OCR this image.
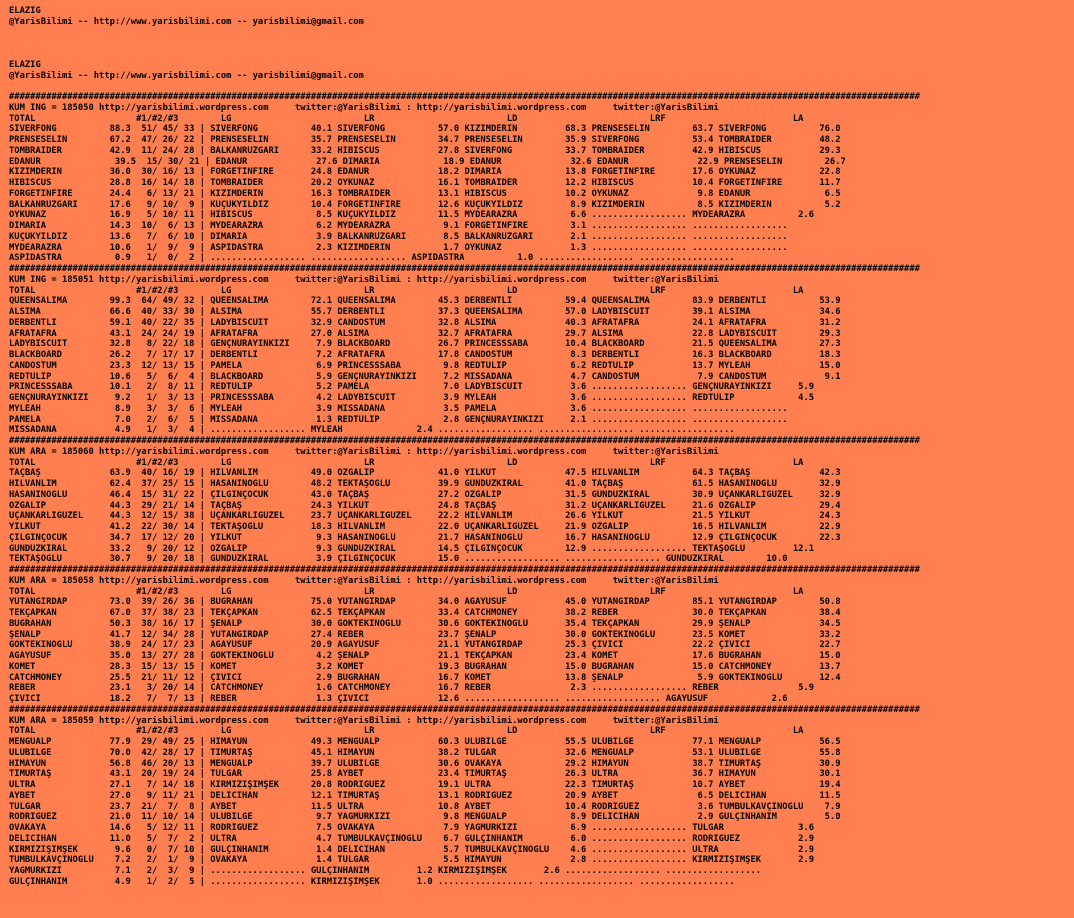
ELAZIG
@YarisBilimi -- http://www.yarisbilimi.com -- yarisbilimi@gmail.com

ELAZIG
@YarisBilimi -- http://www.yarisbilimi.com -- yarisbilimi@gmail.com

############################################################################################################################################################################
KUM ING = 185050 http://yarisbilimi.wordpress.com     twitter:@YarisBilimi : http://yarisbilimi.wordpress.com     twitter:@YarisBilimi
TOTAL                   #1/#2/#3        LG                         LR                         LD                         LRF                        LA
SİVERFONG          88.3  51/ 45/ 33 | SİVERFONG          40.1 SİVERFONG          57.0 KIZIMDERİN         68.3 PRENSESELİN        63.7 SİVERFONG          76.0
PRENSESELİN        67.2  47/ 26/ 22 | PRENSESELİN        35.7 PRENSESELİN        34.7 PRENSESELİN        35.9 SİVERFONG          53.4 TOMBRAİDER         48.2
TOMBRAİDER         42.9  11/ 24/ 28 | BALKANRÜZGARI      33.2 HİBİSCUS           27.8 SİVERFONG          33.7 TOMBRAİDER         42.9 HİBİSCUS           29.3
EDANUR              39.5  15/ 30/ 21 | EDANUR             27.6 DİMARİA            18.9 EDANUR             32.6 EDANUR             22.9 PRENSESELİN        26.7
KIZIMDERİN         36.0  30/ 16/ 13 | FORGETINFIRE       24.8 EDANUR             18.2 DİMARİA            13.8 FORGETINFIRE       17.6 ÖYKÜNAZ            22.8
HİBİSCUS           28.8  16/ 14/ 18 | TOMBRAİDER         20.2 ÖYKÜNAZ            16.1 TOMBRAİDER         12.2 HİBİSCUS           10.4 FORGETINFIRE       11.7
FORGETINFIRE       24.4   6/ 13/ 21 | KIZIMDERİN         16.3 TOMBRAİDER         13.1 HİBİSCUS           10.2 ÖYKÜNAZ             9.8 EDANUR              6.5
BALKANRÜZGARI      17.6   9/ 10/  9 | KÜÇÜKYILDIZ        10.4 FORGETINFIRE       12.6 KÜÇÜKYILDIZ         8.9 KIZIMDERİN          8.5 KIZIMDERİN          5.2
ÖYKÜNAZ            16.9   5/ 10/ 11 | HİBİSCUS            8.5 KÜÇÜKYILDIZ        11.5 MYDEARAZRA          6.6 .................. MYDEARAZRA          2.6
DİMARİA            14.3  10/  6/ 13 | MYDEARAZRA          6.2 MYDEARAZRA          9.1 FORGETINFIRE        3.1 .................. ..................
KÜÇÜKYILDIZ        13.6   7/  6/ 10 | DİMARİA             3.9 BALKANRÜZGARI       8.5 BALKANRÜZGARI       2.1 .................. ..................
MYDEARAZRA         10.6   1/  9/  9 | ASPİDASTRA          2.3 KIZIMDERİN          1.7 ÖYKÜNAZ             1.3 .................. ..................
ASPİDASTRA          0.9   1/  0/  2 | .................. .................. ASPİDASTRA          1.0 .................. ..................
############################################################################################################################################################################
KUM ING = 185051 http://yarisbilimi.wordpress.com     twitter:@YarisBilimi : http://yarisbilimi.wordpress.com     twitter:@YarisBilimi
TOTAL                   #1/#2/#3        LG                         LR                         LD                         LRF                        LA
QUEENSALİMA        99.3  64/ 49/ 32 | QUEENSALİMA        72.1 QUEENSALİMA        45.3 DERBENTLİ          59.4 QUEENSALİMA        83.9 DERBENTLİ          53.9
ALSİMA             66.6  40/ 33/ 30 | ALSİMA             55.7 DERBENTLİ          37.3 QUEENSALİMA        57.0 LADYBISCUIT        39.1 ALSİMA             34.6
DERBENTLİ          59.1  40/ 22/ 35 | LADYBISCUIT        32.9 CANDOSTUM          32.8 ALSİMA             40.3 AFRATAFRA          24.1 AFRATAFRA          31.2
AFRATAFRA          43.1  24/ 24/ 19 | AFRATAFRA          27.0 ALSİMA             32.7 AFRATAFRA          29.7 ALSİMA             22.8 LADYBISCUIT        29.3
LADYBISCUIT        32.8   8/ 22/ 18 | GENÇNURAYINKIZI     7.9 BLACKBOARD         26.7 PRINCESSSABA       10.4 BLACKBOARD         21.5 QUEENSALİMA        27.3
BLACKBOARD         26.2   7/ 17/ 17 | DERBENTLİ           7.2 AFRATAFRA          17.8 CANDOSTUM           8.3 DERBENTLİ          16.3 BLACKBOARD         18.3
CANDOSTUM          23.3  12/ 13/ 15 | PAMELA              6.9 PRINCESSSABA        9.8 REDTULİP            6.2 REDTULİP           13.7 MYLEAH             15.0
REDTULİP           10.6   5/  6/  4 | BLACKBOARD          5.9 GENÇNURAYINKIZI     7.2 MISSADANA           4.7 CANDOSTUM           7.9 CANDOSTUM           9.1
PRINCESSSABA       10.1   2/  8/ 11 | REDTULİP            5.2 PAMELA              7.0 LADYBISCUIT         3.6 .................. GENÇNURAYINKIZI     5.9
GENÇNURAYINKIZI     9.2   1/  3/ 13 | PRINCESSSABA        4.2 LADYBISCUIT         3.9 MYLEAH              3.6 .................. REDTULİP            4.5
MYLEAH              8.9   3/  3/  6 | MYLEAH              3.9 MISSADANA           3.5 PAMELA              3.6 .................. ..................
PAMELA              7.0   2/  6/  5 | MISSADANA           1.3 REDTULİP            2.8 GENÇNURAYINKIZI     2.1 .................. ..................
MISSADANA           4.9   1/  3/  4 | .................. MYLEAH              2.4 .................. .................. ..................
############################################################################################################################################################################
KUM ARA = 185060 http://yarisbilimi.wordpress.com     twitter:@YarisBilimi : http://yarisbilimi.wordpress.com     twitter:@YarisBilimi
TOTAL                   #1/#2/#3        LG                         LR                         LD                         LRF                        LA
TAÇBAŞ             63.9  40/ 16/ 19 | HİLVANLIM          49.0 ÖZGALİP            41.0 YILKUT             47.5 HİLVANLIM          64.3 TAÇBAŞ             42.3
HİLVANLIM          62.4  37/ 25/ 15 | HASANİNOĞLU        48.2 TEKTAŞOĞLU         39.9 GÜNDÜZKIRAL        41.0 TAÇBAŞ             61.5 HASANİNOĞLU        32.9
HASANİNOĞLU        46.4  15/ 31/ 22 | ÇILGINÇOCUK        43.0 TAÇBAŞ             27.2 ÖZGALİP            31.5 GÜNDÜZKIRAL        30.9 UÇANKARLIGÜZEL     32.9
ÖZGALİP            44.3  29/ 21/ 14 | TAÇBAŞ             24.3 YILKUT             24.8 TAÇBAŞ             31.2 UÇANKARLIGÜZEL     21.6 ÖZGALİP            29.4
UÇANKARLIGÜZEL     44.3  12/ 15/ 38 | UÇANKARLIGÜZEL     23.7 UÇANKARLIGÜZEL     22.2 HİLVANLIM          26.6 YILKUT             21.5 YILKUT             24.3
YILKUT             41.2  22/ 30/ 14 | TEKTAŞOĞLU         18.3 HİLVANLIM          22.0 UÇANKARLIGÜZEL     21.9 ÖZGALİP            16.5 HİLVANLIM          22.9
ÇILGINÇOCUK        34.7  17/ 12/ 20 | YILKUT              9.3 HASANİNOĞLU        21.7 HASANİNOĞLU        16.7 HASANİNOĞLU        12.9 ÇILGINÇOCUK        22.3
GÜNDÜZKIRAL        33.2   9/ 20/ 12 | ÖZGALİP             9.3 GÜNDÜZKIRAL        14.5 ÇILGINÇOCUK        12.9 .................. TEKTAŞOĞLU         12.1
TEKTAŞOĞLU         30.7   9/ 20/ 18 | GÜNDÜZKIRAL         3.9 ÇILGINÇOCUK        15.0 .................. .................. GÜNDÜZKIRAL        10.0
############################################################################################################################################################################
KUM ARA = 185058 http://yarisbilimi.wordpress.com     twitter:@YarisBilimi : http://yarisbilimi.wordpress.com     twitter:@YarisBilimi
TOTAL                   #1/#2/#3        LG                         LR                         LD                         LRF                        LA
YUTANGİRDAP        73.0  39/ 26/ 36 | BUĞRAHAN           75.0 YUTANGİRDAP        34.0 AĞAYUSUF           45.0 YUTANGİRDAP        85.1 YUTANGİRDAP        50.8
TEKÇAPKAN          67.0  37/ 38/ 23 | TEKÇAPKAN          62.5 TEKÇAPKAN          33.4 CATCHMONEY         38.2 REBER              30.0 TEKÇAPKAN          38.4
BUĞRAHAN           50.3  38/ 16/ 17 | ŞENALP             30.0 GÖKTEKİNOĞLU       30.6 GÖKTEKİNOĞLU       35.4 TEKÇAPKAN          29.9 ŞENALP             34.5
ŞENALP             41.7  12/ 34/ 28 | YUTANGİRDAP        27.4 REBER              23.7 ŞENALP             30.0 GÖKTEKİNOĞLU       23.5 KOMET              33.2
GÖKTEKİNOĞLU       38.9  24/ 17/ 23 | AĞAYUSUF           20.9 AĞAYUSUF           21.1 YUTANGİRDAP        25.3 ÇİVİCİ             22.2 ÇİVİCİ             22.7
AĞAYUSUF           35.0  13/ 27/ 28 | GÖKTEKİNOĞLU        4.2 ŞENALP             21.1 TEKÇAPKAN          23.4 KOMET              17.6 BUĞRAHAN           15.0
KOMET              28.3  15/ 13/ 15 | KOMET               3.2 KOMET              19.3 BUĞRAHAN           15.0 BUĞRAHAN           15.0 CATCHMONEY         13.7
CATCHMONEY         25.5  21/ 11/ 12 | ÇİVİCİ              2.9 BUĞRAHAN           16.7 KOMET              13.8 ŞENALP              5.9 GÖKTEKİNOĞLU       12.4
REBER              23.1   3/ 20/ 14 | CATCHMONEY          1.6 CATCHMONEY         16.7 REBER               2.3 .................. REBER               5.9
ÇİVİCİ             18.2   7/  7/ 13 | REBER               1.3 ÇİVİCİ             12.6 .................. .................. AĞAYUSUF            2.6
############################################################################################################################################################################
KUM ARA = 185059 http://yarisbilimi.wordpress.com     twitter:@YarisBilimi : http://yarisbilimi.wordpress.com     twitter:@YarisBilimi
TOTAL                   #1/#2/#3        LG                         LR                         LD                         LRF                        LA
MENGÜALP           77.9  29/ 49/ 25 | HİMAYUN            49.3 MENGÜALP           60.3 ULUBİLGE           55.5 ULUBİLGE           77.1 MENGÜALP           56.5
ULUBİLGE           70.0  42/ 28/ 17 | TİMURTAŞ           45.1 HİMAYUN            38.2 TULGAR             32.6 MENGÜALP           53.1 ULUBİLGE           55.8
HİMAYUN            56.8  46/ 20/ 13 | MENGÜALP           39.7 ULUBİLGE           30.6 OVAKAYA            29.2 HİMAYUN            38.7 TİMURTAŞ           30.9
TİMURTAŞ           43.1  20/ 19/ 24 | TULGAR             25.8 AYBET              23.4 TİMURTAŞ           26.3 ULTRA              36.7 HİMAYUN            30.1
ULTRA              27.1   7/ 14/ 18 | KIRMIZIŞİMŞEK      20.8 RODRIGUEZ          19.1 ULTRA              22.3 TİMURTAŞ           10.7 AYBET              19.4
AYBET              27.0   9/ 11/ 21 | DELİCİHAN          12.1 TİMURTAŞ           13.1 RODRIGUEZ          20.9 AYBET               6.5 DELİCİHAN          11.5
TULGAR             23.7  21/  7/  8 | AYBET              11.5 ULTRA              10.8 AYBET              10.4 RODRIGUEZ           3.6 TUMBULKAVÇİNOĞLU    7.9
RODRIGUEZ          21.0  11/ 10/ 14 | ULUBİLGE            9.7 YAĞMURKIZI          9.8 MENGÜALP            8.9 DELİCİHAN           2.9 GÜLÇİNHANIM         5.0
OVAKAYA            14.6   5/ 12/ 11 | RODRIGUEZ           7.5 OVAKAYA             7.9 YAĞMURKIZI          6.9 .................. TULGAR              3.6
DELİCİHAN          11.0   5/  7/  2 | ULTRA               4.7 TUMBULKAVÇİNOĞLU    6.7 GÜLÇİNHANIM         6.0 .................. RODRIGUEZ           2.9
KIRMIZIŞİMŞEK       9.6   0/  7/ 10 | GÜLÇİNHANIM         1.4 DELİCİHAN           5.7 TUMBULKAVÇİNOĞLU    4.6 .................. ULTRA               2.9
TUMBULKAVÇİNOĞLU    7.2   2/  1/  9 | OVAKAYA             1.4 TULGAR              5.5 HİMAYUN             2.8 .................. KIRMIZIŞİMŞEK       2.9
YAĞMURKIZI          7.1   2/  3/  9 | .................. GÜLÇİNHANIM         1.2 KIRMIZIŞİMŞEK       2.6 .................. ..................
GÜLÇİNHANIM         4.9   1/  2/  5 | .................. KIRMIZIŞİMŞEK       1.0 .................. .................. ..................
